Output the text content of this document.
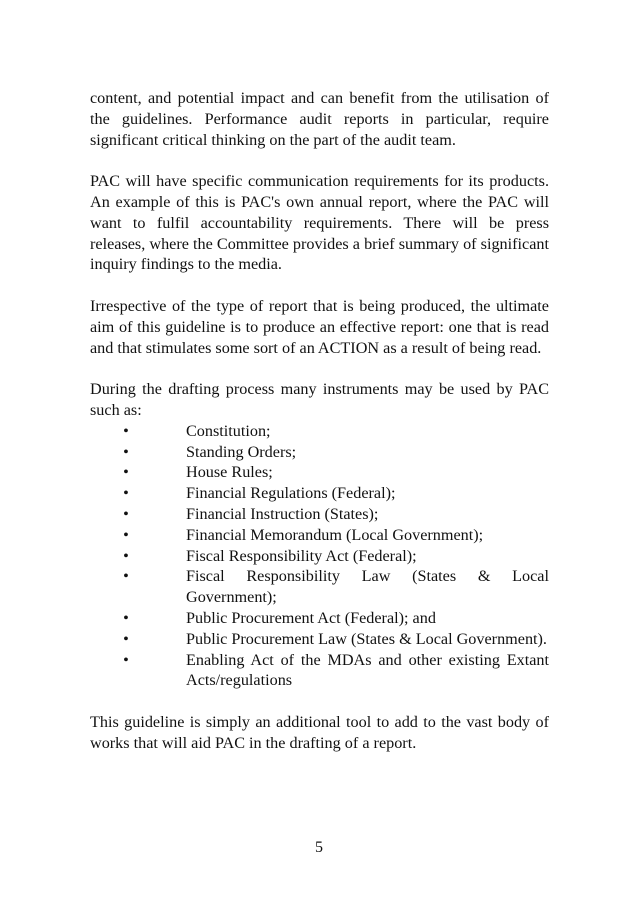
content, and potential impact and can benefit from the utilisation of the guidelines. Performance audit reports in particular, require significant critical thinking on the part of the audit team.

PAC will have specific communication requirements for its products. An example of this is PAC's own annual report, where the PAC will want to fulfil accountability requirements. There will be press releases, where the Committee provides a brief summary of significant inquiry findings to the media.

Irrespective of the type of report that is being produced, the ultimate aim of this guideline is to produce an effective report: one that is read and that stimulates some sort of an ACTION as a result of being read.

During the drafting process many instruments may be used by PAC such as:

•	Constitution;
•	Standing Orders;
•	House Rules;
•	Financial Regulations (Federal);
•	Financial Instruction (States);
•	Financial Memorandum (Local Government);
•	Fiscal Responsibility Act (Federal);
•	Fiscal Responsibility Law (States & Local Government);
•	Public Procurement Act (Federal); and
•	Public Procurement Law (States & Local Government).
•	Enabling Act of the MDAs and other existing Extant Acts/regulations

This guideline is simply an additional tool to add to the vast body of works that will aid PAC in the drafting of a report.

5
